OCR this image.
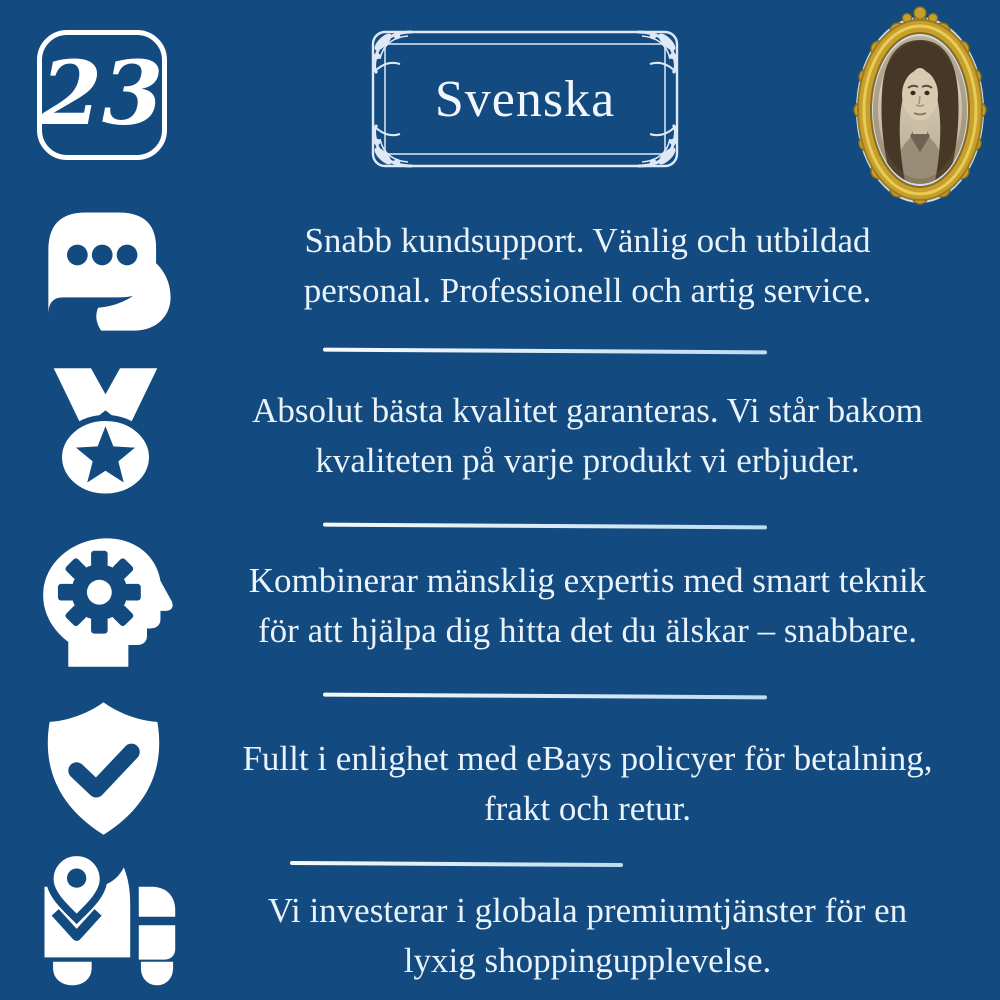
23	Svenska
Snabb kundsupport. Vänlig och utbildad
personal. Professionell och artig service.
Absolut bästa kvalitet garanteras. Vi står bakom
kvaliteten på varje produkt vi erbjuder.
Kombinerar mänsklig expertis med smart teknik
för att hjälpa dig hitta det du älskar – snabbare.
Fullt i enlighet med eBays policyer för betalning,
frakt och retur.
Vi investerar i globala premiumtjänster för en
lyxig shoppingupplevelse.
